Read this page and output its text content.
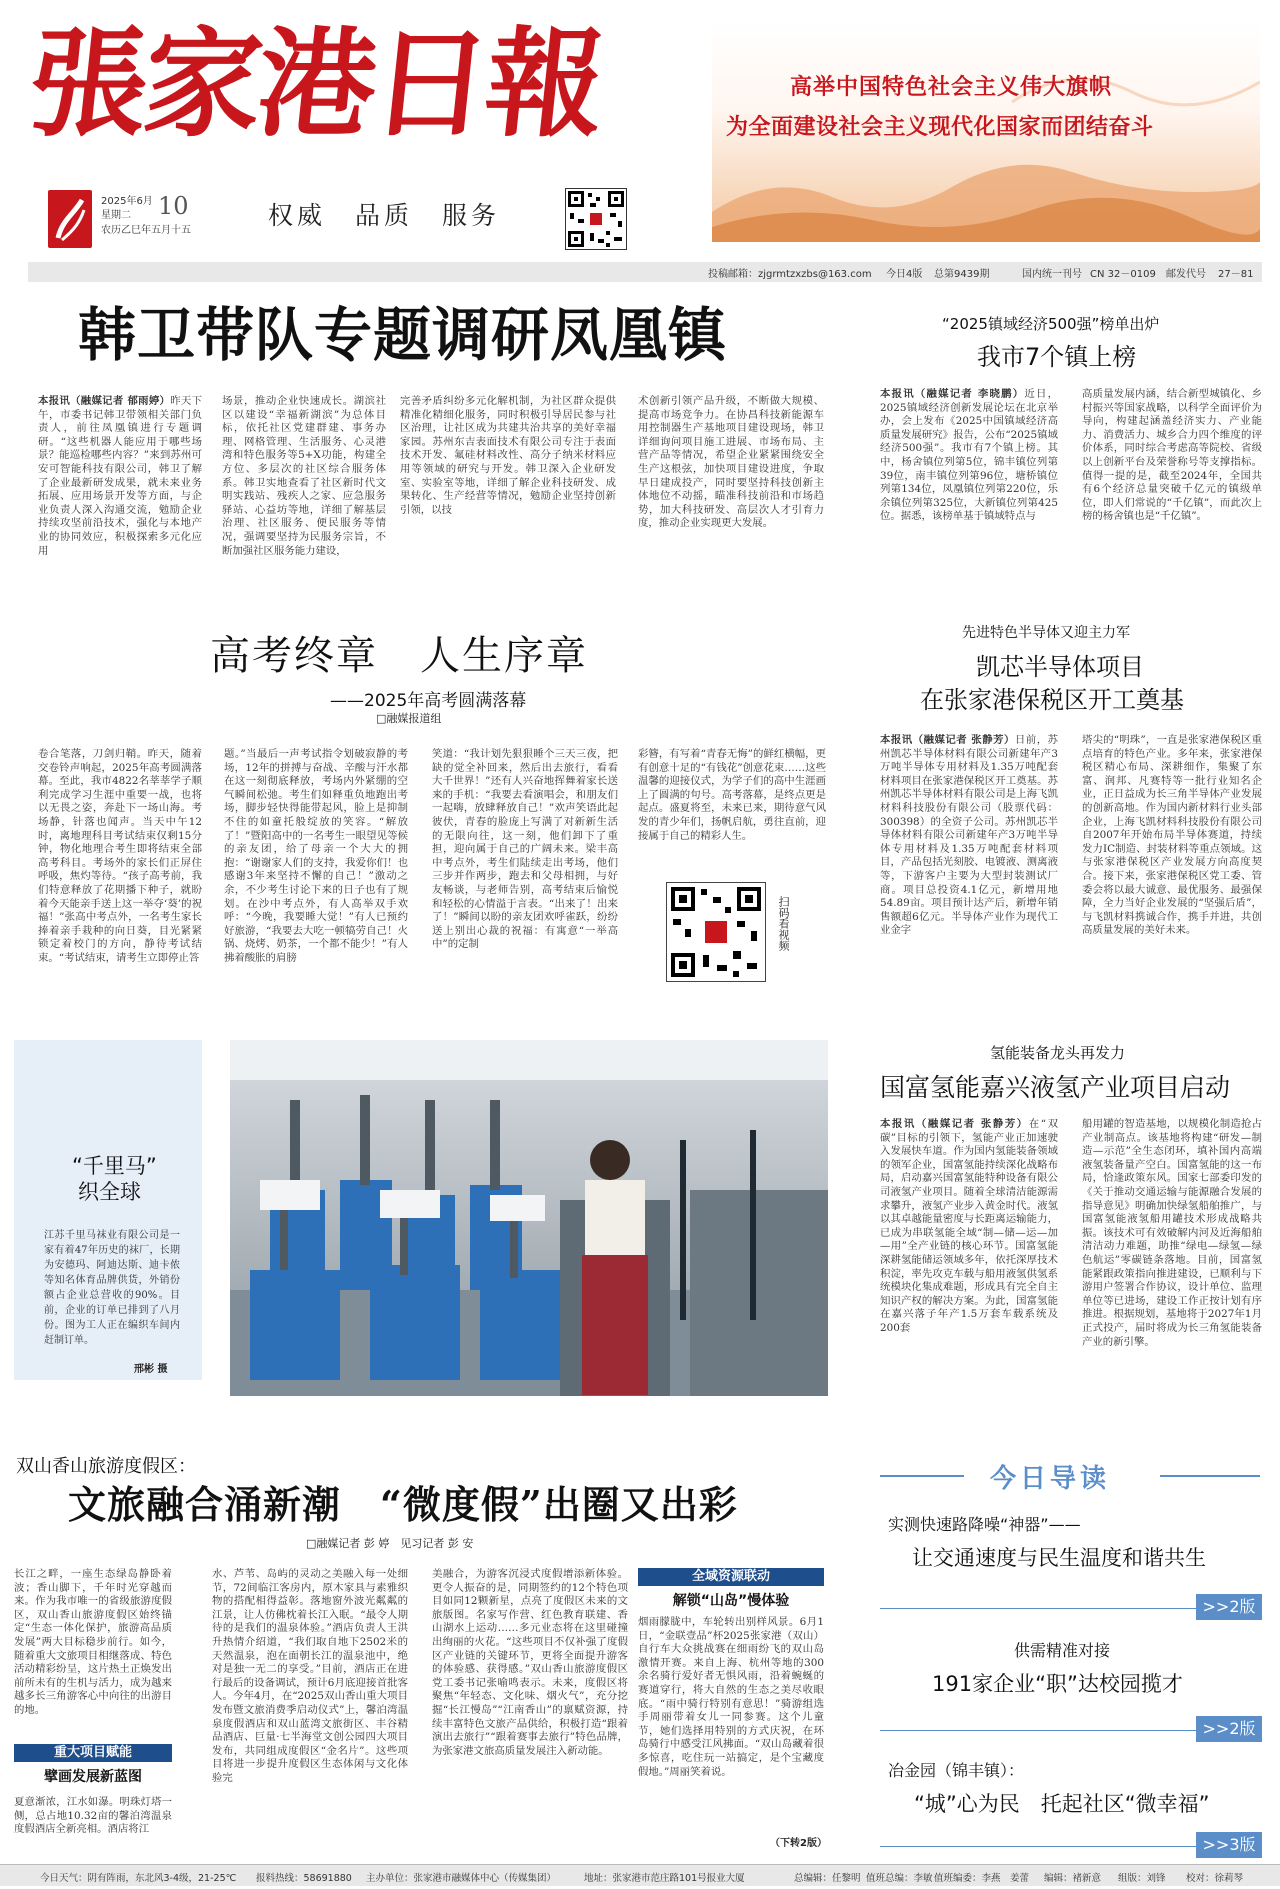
張家港日報
2025年6月
星期二
农历乙巳年五月十五
10	权威　品质　服务
高举中国特色社会主义伟大旗帜
为全面建设社会主义现代化国家而团结奋斗
投稿邮箱：zjgrmtzxzbs@163.com 今日4版 总第9439期	国内统一刊号 CN 32－0109 邮发代号 27－81
韩卫带队专题调研凤凰镇
本报讯（融媒记者 郁雨婷）昨天下午，市委书记韩卫带领相关部门负责人，前往凤凰镇进行专题调研。“这些机器人能应用于哪些场景？能巡检哪些内容？”来到苏州可安可智能科技有限公司，韩卫了解了企业最新研发成果，就未来业务拓展、应用场景开发等方面，与企业负责人深入沟通交流，勉励企业持续攻坚前沿技术，强化与本地产业的协同效应，积极探索多元化应用
场景，推动企业快速成长。湖滨社区以建设“幸福新湖滨”为总体目标，依托社区党建群建、事务办理、网格管理、生活服务、心灵港湾和特色服务等5+X功能，构建全方位、多层次的社区综合服务体系。韩卫实地查看了社区新时代文明实践站、残疾人之家、应急服务驿站、心益坊等地，详细了解基层治理、社区服务、便民服务等情况，强调要坚持为民服务宗旨，不断加强社区服务能力建设，
完善矛盾纠纷多元化解机制，为社区群众提供精准化精细化服务，同时积极引导居民参与社区治理，让社区成为共建共治共享的美好幸福家园。苏州东吉表面技术有限公司专注于表面技术开发、氟硅材料改性、高分子纳米材料应用等领域的研究与开发。韩卫深入企业研发室、实验室等地，详细了解企业科技研发、成果转化、生产经营等情况，勉励企业坚持创新引领，以技
术创新引领产品升级，不断做大规模、提高市场竞争力。在协昌科技新能源车用控制器生产基地项目建设现场，韩卫详细询问项目施工进展、市场布局、主营产品等情况，希望企业紧紧围绕安全生产这根弦，加快项目建设进度，争取早日建成投产，同时要坚持科技创新主体地位不动摇，瞄准科技前沿和市场趋势，加大科技研发、高层次人才引育力度，推动企业实现更大发展。
“2025镇域经济500强”榜单出炉
我市7个镇上榜
本报讯（融媒记者 李晓鹏）近日，2025镇域经济创新发展论坛在北京举办，会上发布《2025中国镇域经济高质量发展研究》报告，公布“2025镇域经济500强”。我市有7个镇上榜。其中，杨舍镇位列第5位，锦丰镇位列第39位，南丰镇位列第96位，塘桥镇位列第134位，凤凰镇位列第220位，乐余镇位列第325位，大新镇位列第425位。据悉，该榜单基于镇域特点与
高质量发展内涵，结合新型城镇化、乡村振兴等国家战略，以科学全面评价为导向，构建起涵盖经济实力、产业能力、消费活力、城乡合力四个维度的评价体系，同时综合考虑高等院校、省级以上创新平台及荣誉称号等支撑指标。值得一提的是，截至2024年，全国共有6个经济总量突破千亿元的镇级单位，即人们常说的“千亿镇”，而此次上榜的杨舍镇也是“千亿镇”。
高考终章　人生序章
——2025年高考圆满落幕
□融媒报道组
卷合笔落，刀剑归鞘。昨天，随着交卷铃声响起，2025年高考圆满落幕。至此，我市4822名莘莘学子顺利完成学习生涯中重要一战，也将以无畏之姿，奔赴下一场山海。考场静，针落也闻声。当天中午12时，离地理科目考试结束仅剩15分钟，物化地理合考生即将结束全部高考科目。考场外的家长们正屏住呼吸，焦灼等待。“孩子高考前，我们特意释放了花期播下种子，就盼着今天能亲手送上这一举夺‘葵’的祝福！”张高中考点外，一名考生家长捧着亲手栽种的向日葵，目光紧紧锁定着校门的方向，静待考试结束。“考试结束，请考生立即停止答
题。”当最后一声考试指令划破寂静的考场，12年的拼搏与奋战、辛酸与汗水都在这一刻彻底释放，考场内外紧绷的空气瞬间松弛。考生们如释重负地跑出考场，脚步轻快得能带起风，脸上是抑制不住的如童托般绽放的笑容。“解放了！”暨阳高中的一名考生一眼望见等候的亲友团，给了母亲一个大大的拥抱：“谢谢家人们的支持，我爱你们！也感谢3年来坚持不懈的自己！”激动之余，不少考生讨论下来的日子也有了规划。在沙中考点外，有人高举双手欢呼：“今晚，我要睡大觉！”有人已预约好旅游，“我要去大吃一顿犒劳自己！火锅、烧烤、奶茶，一个都不能少！”有人拂着酸胀的肩膀
笑道：“我计划先狠狠睡个三天三夜，把缺的觉全补回来，然后出去旅行，看看大千世界！”还有人兴奋地挥舞着家长送来的手机：“我要去看演唱会，和朋友们一起嗨，放肆释放自己！”欢声笑语此起彼伏，青春的脸庞上写满了对新新生活的无限向往，这一刻，他们卸下了重担，迎向属于自己的广阔未来。梁丰高中考点外，考生们陆续走出考场，他们三步并作两步，跑去和父母相拥，与好友畅谈，与老师告别，高考结束后愉悦和轻松的心情溢于言表。“出来了！出来了！”瞬间以盼的亲友团欢呼雀跃，纷纷送上别出心裁的祝福：有寓意“一举高中”的定制
彩簪，有写着“青春无悔”的鲜红横幅，更有创意十足的“有钱花”创意花束……这些温馨的迎接仪式，为学子们的高中生涯画上了圆满的句号。高考落幕，是终点更是起点。盛夏将至，未来已来，期待意气风发的青少年们，扬帆启航，勇往直前，迎接属于自己的精彩人生。
扫码看视频
先进特色半导体又迎主力军
凯芯半导体项目
在张家港保税区开工奠基
本报讯（融媒记者 张静芳）日前，苏州凯芯半导体材料有限公司新建年产3万吨半导体专用材料及1.35万吨配套材料项目在张家港保税区开工奠基。苏州凯芯半导体材料有限公司是上海飞凯材料科技股份有限公司（股票代码：300398）的全资子公司。苏州凯芯半导体材料有限公司新建年产3万吨半导体专用材料及1.35万吨配套材料项目，产品包括光刻胶、电镀液、测离液等，下游客户主要为大型封装测试厂商。项目总投资4.1亿元，新增用地54.89亩。项目预计达产后，新增年销售额超6亿元。半导体产业作为现代工业金字
塔尖的“明珠”，一直是张家港保税区重点培育的特色产业。多年来，张家港保税区精心布局、深耕细作，集聚了东富、润邦、凡赛特等一批行业知名企业，正日益成为长三角半导体产业发展的创新高地。作为国内新材料行业头部企业，上海飞凯材料科技股份有限公司自2007年开始布局半导体赛道，持续发力IC制造、封装材料等重点领域。这与张家港保税区产业发展方向高度契合。接下来，张家港保税区党工委、管委会将以最大诚意、最优服务、最强保障，全力当好企业发展的“坚强后盾”，与飞凯材料携诚合作，携手并进，共创高质量发展的美好未来。
“千里马”
织全球
江苏千里马袜业有限公司是一家有着47年历史的袜厂，长期为安德玛、阿迪达斯、迪卡侬等知名体育品牌供货，外销份额占企业总营收的90%。目前，企业的订单已排到了八月份。图为工人正在编织车间内赶制订单。
邢彬 摄
氢能装备龙头再发力
国富氢能嘉兴液氢产业项目启动
本报讯（融媒记者 张静芳）在“双碳”目标的引领下，氢能产业正加速驶入发展快车道。作为国内氢能装备领域的领军企业，国富氢能持续深化战略布局，启动嘉兴国富氢能特种设备有限公司液氢产业项目。随着全球清洁能源需求攀升，液氢产业步入黄金时代。液氢以其卓越能量密度与长距离运输能力，已成为串联氢能全域“制—储—运—加—用”全产业链的核心环节。国富氢能深耕氢能储运领域多年，依托深厚技术积淀，率先攻克车载与船用液氢供氢系统模块化集成难题，形成具有完全自主知识产权的解决方案。为此，国富氢能在嘉兴落子年产1.5万套车载系统及200套
船用罐的智造基地，以规模化制造抢占产业制高点。该基地将构建“研发—制造—示范”全生态闭环，填补国内高端液氢装备量产空白。国富氢能的这一布局，恰逢政策东风。国家七部委印发的《关于推动交通运输与能源融合发展的指导意见》明确加快绿氢船舶推广，与国富氢能液氢船用罐技术形成战略共振。该技术可有效破解内河及近海船舶清洁动力难题，助推“绿电—绿氢—绿色航运”零碳链条落地。目前，国富氢能紧跟政策指向推进建设，已顺利与下游用户签署合作协议，设计单位、监理单位等已进场，建设工作正按计划有序推进。根据规划，基地将于2027年1月正式投产，届时将成为长三角氢能装备产业的新引擎。
双山香山旅游度假区：
文旅融合涌新潮　“微度假”出圈又出彩
□融媒记者 彭 婷　见习记者 彭 安
长江之畔，一座生态绿岛静卧着波；香山脚下，千年时光穿越而来。作为我市唯一的省级旅游度假区，双山香山旅游度假区始终锚定“生态一体化保护，旅游高品质发展”两大目标稳步前行。如今，随着重大文旅项目相继落成、特色活动精彩纷呈，这片热土正焕发出前所未有的生机与活力，成为越来越多长三角游客心中向往的出游目的地。
重大项目赋能
擘画发展新蓝图
夏意渐浓，江水如瀑。明珠灯塔一侧，总占地10.32亩的馨泊湾温泉度假酒店全新亮相。酒店将江
水、芦苇、岛屿的灵动之美融入每一处细节，72间临江客房内，原木家具与素雅织物的搭配相得益彰。落地窗外波光粼粼的江景，让人仿佛枕着长江入眠。“最令人期待的是我们的温泉体验。”酒店负责人王洪升热情介绍道，“我们取自地下2502米的天然温泉，泡在面朝长江的温泉池中，绝对是独一无二的享受。”目前，酒店正在进行最后的设备调试，预计6月底迎接首批客人。今年4月，在“2025双山香山重大项目发布暨文旅消费季启动仪式”上，馨泊湾温泉度假酒店和双山蓝湾文旅街区、丰谷精品酒店、巨量·七半海堂文创公园四大项目发布，共同组成度假区“金名片”。这些项目将进一步提升度假区生态体闲与文化体验完
美融合，为游客沉浸式度假增添新体验。更令人振奋的是，同期签约的12个特色项目如同12颗新星，点亮了度假区未来的文旅版图。名家写作营、红色教育联建、香山湖水上运动……多元业态将在这里碰撞出绚丽的火花。“这些项目不仅补强了度假区产业链的关键环节，更将全面提升游客的体验感、获得感。”双山香山旅游度假区党工委书记张喻鸣表示。未来，度假区将聚焦“年轻态、文化味、烟火气”，充分挖掘“长江慢岛”“江南香山”的禀赋资源，持续丰富特色文旅产品供给，积极打造“跟着演出去旅行”“跟着赛事去旅行”特色品牌，为张家港文旅高质量发展注入新动能。
全域资源联动
解锁“山岛”慢体验
烟雨朦胧中，车轮转出别样风景。6月1日，“金联壹品”杯2025张家港（双山）自行车大众挑战赛在细雨纷飞的双山岛激情开赛。来自上海、杭州等地的300余名骑行爱好者无惧风雨，沿着蜿蜒的赛道穿行，将大自然的生态之美尽收眼底。“雨中骑行特别有意思！”骑游组选手周丽带着女儿一同参赛。这个儿童节，她们选择用特别的方式庆祝，在环岛骑行中感受江风拂面。“双山岛藏着很多惊喜，吃住玩一站搞定，是个宝藏度假地。”周丽笑着说。
（下转2版）
今日导读
实测快速路降噪“神器”——
让交通速度与民生温度和谐共生
>>2版
供需精准对接
191家企业“职”达校园揽才
>>2版
冶金园（锦丰镇）：
“城”心为民　托起社区“微幸福”
>>3版
今日天气：阴有阵雨，东北风3-4级，21-25℃ 报料热线：58691880 主办单位：张家港市融媒体中心（传媒集团）	地址：张家港市范庄路101号报业大厦	总编辑：任黎明 值班总编：李敏 值班编委：李燕　姜蕾 编辑：褚新意 组版：刘锋 校对：徐莉琴
